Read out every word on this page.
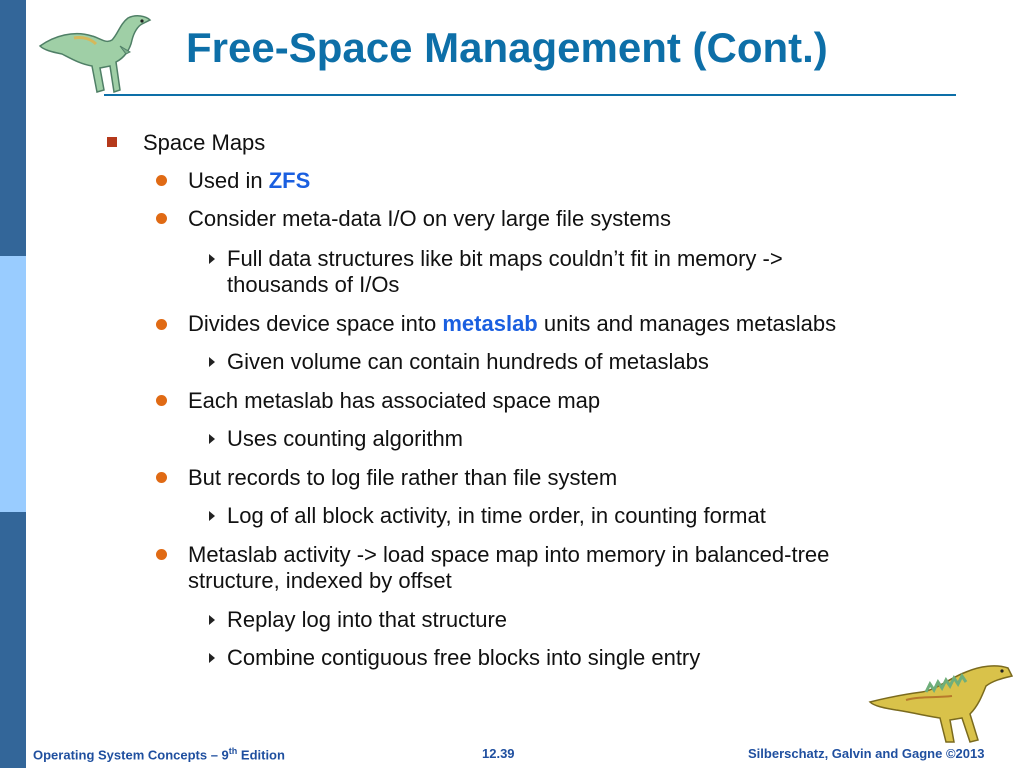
Free-Space Management (Cont.)
Space Maps
Used in ZFS
Consider meta-data I/O on very large file systems
Full data structures like bit maps couldn’t fit in memory ->
thousands of I/Os
Divides device space into metaslab units and manages metaslabs
Given volume can contain hundreds of metaslabs
Each metaslab has associated space map
Uses counting algorithm
But records to log file rather than file system
Log of all block activity, in time order, in counting format
Metaslab activity -> load space map into memory in balanced-tree
structure, indexed by offset
Replay log into that structure
Combine contiguous free blocks into single entry
Operating System Concepts – 9th Edition	12.39	Silberschatz, Galvin and Gagne ©2013
